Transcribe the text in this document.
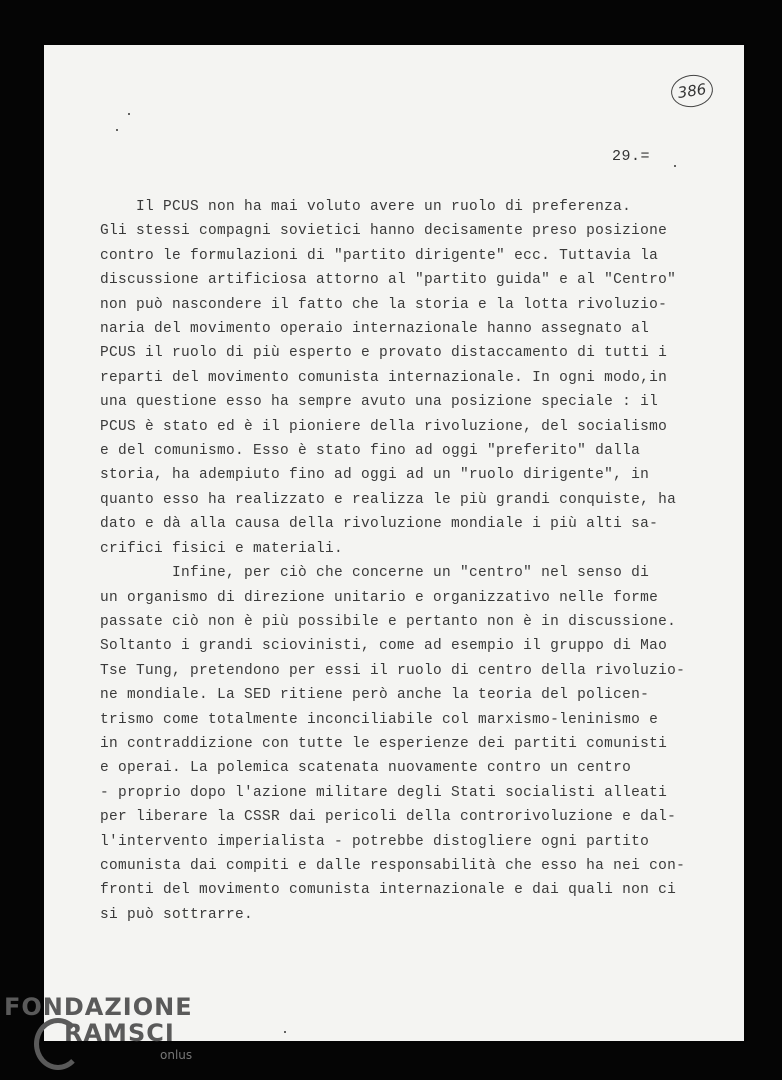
386
29.=
Il PCUS non ha mai voluto avere un ruolo di preferenza.
Gli stessi compagni sovietici hanno decisamente preso posizione
contro le formulazioni di "partito dirigente" ecc. Tuttavia la
discussione artificiosa attorno al "partito guida" e al "Centro"
non può nascondere il fatto che la storia e la lotta rivoluzio-
naria del movimento operaio internazionale hanno assegnato al
PCUS il ruolo di più esperto e provato distaccamento di tutti i
reparti del movimento comunista internazionale. In ogni modo,in
una questione esso ha sempre avuto una posizione speciale : il
PCUS è stato ed è il pioniere della rivoluzione, del socialismo
e del comunismo. Esso è stato fino ad oggi "preferito" dalla
storia, ha adempiuto fino ad oggi ad un "ruolo dirigente", in
quanto esso ha realizzato e realizza le più grandi conquiste, ha
dato e dà alla causa della rivoluzione mondiale i più alti sa-
crifici fisici e materiali.
Infine, per ciò che concerne un "centro" nel senso di
un organismo di direzione unitario e organizzativo nelle forme
passate ciò non è più possibile e pertanto non è in discussione.
Soltanto i grandi sciovinisti, come ad esempio il gruppo di Mao
Tse Tung, pretendono per essi il ruolo di centro della rivoluzio-
ne mondiale. La SED ritiene però anche la teoria del policen-
trismo come totalmente inconciliabile col marxismo-leninismo e
in contraddizione con tutte le esperienze dei partiti comunisti
e operai. La polemica scatenata nuovamente contro un centro
- proprio dopo l'azione militare degli Stati socialisti alleati
per liberare la CSSR dai pericoli della controrivoluzione e dal-
l'intervento imperialista - potrebbe distogliere ogni partito
comunista dai compiti e dalle responsabilità che esso ha nei con-
fronti del movimento comunista internazionale e dai quali non ci
si può sottrarre.
FONDAZIONE
RAMSCI
onlus
